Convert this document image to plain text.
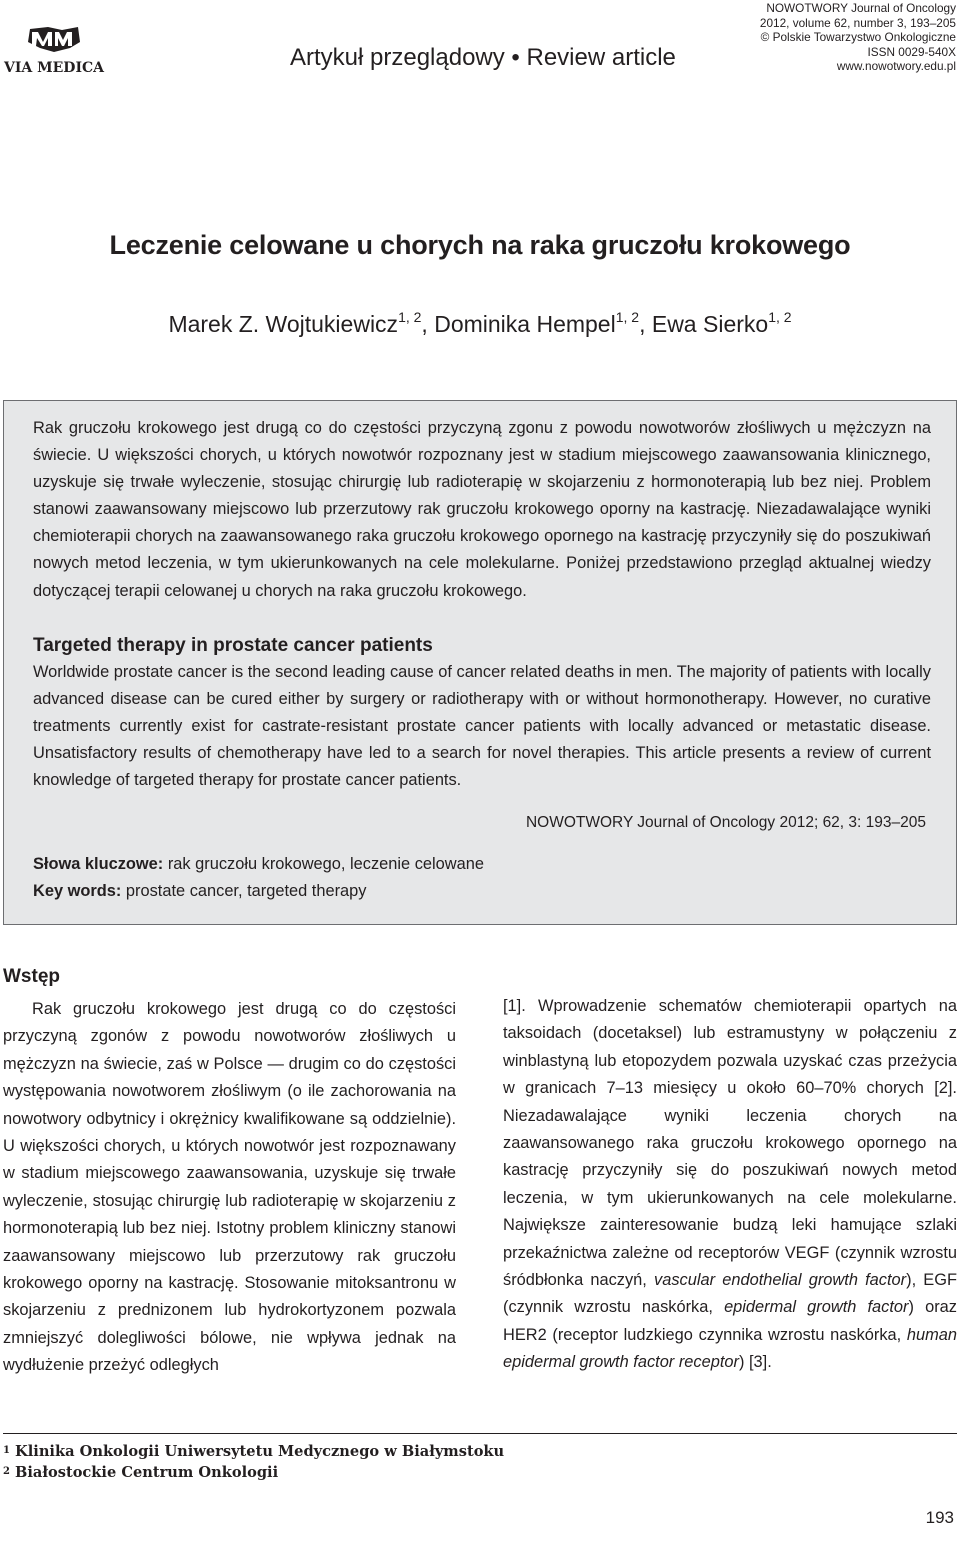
VIA MEDICA	Artykuł przeglądowy • Review article
NOWOTWORY Journal of Oncology
2012, volume 62, number 3, 193–205
© Polskie Towarzystwo Onkologiczne
ISSN 0029-540X
www.nowotwory.edu.pl
Leczenie celowane u chorych na raka gruczołu krokowego
Marek Z. Wojtukiewicz$^{1, 2}$, Dominika Hempel$^{1, 2}$, Ewa Sierko$^{1, 2}$

Rak gruczołu krokowego jest drugą co do częstości przyczyną zgonu z powodu nowotworów złośliwych u mężczyzn na świecie. U większości chorych, u których nowotwór rozpoznany jest w stadium miejscowego zaawansowania klinicznego, uzyskuje się trwałe wyleczenie, stosując chirurgię lub radioterapię w skojarzeniu z hormonoterapią lub bez niej. Problem stanowi zaawansowany miejscowo lub przerzutowy rak gruczołu krokowego oporny na kastrację. Niezadawalające wyniki chemioterapii chorych na zaawansowanego raka gruczołu krokowego opornego na kastrację przyczyniły się do poszukiwań nowych metod leczenia, w tym ukierunkowanych na cele molekularne. Poniżej przedstawiono przegląd aktualnej wiedzy dotyczącej terapii celowanej u chorych na raka gruczołu krokowego.

Targeted therapy in prostate cancer patients

Worldwide prostate cancer is the second leading cause of cancer related deaths in men. The majority of patients with locally advanced disease can be cured either by surgery or radiotherapy with or without hormonotherapy. However, no curative treatments currently exist for castrate-resistant prostate cancer patients with locally advanced or metastatic disease. Unsatisfactory results of chemotherapy have led to a search for novel therapies. This article presents a review of current knowledge of targeted therapy for prostate cancer patients.

NOWOTWORY Journal of Oncology 2012; 62, 3: 193–205
Słowa kluczowe: rak gruczołu krokowego, leczenie celowane
Key words: prostate cancer, targeted therapy
Wstęp

Rak gruczołu krokowego jest drugą co do częstości przyczyną zgonów z powodu nowotworów złośliwych u mężczyzn na świecie, zaś w Polsce — drugim co do częstości występowania nowotworem złośliwym (o ile zachorowania na nowotwory odbytnicy i okrężnicy kwalifikowane są oddzielnie). U większości chorych, u których nowotwór jest rozpoznawany w stadium miejscowego zaawansowania, uzyskuje się trwałe wyleczenie, stosując chirurgię lub radioterapię w skojarzeniu z hormonoterapią lub bez niej. Istotny problem kliniczny stanowi zaawansowany miejscowo lub przerzutowy rak gruczołu krokowego oporny na kastrację. Stosowanie mitoksantronu w skojarzeniu z prednizonem lub hydrokortyzonem pozwala zmniejszyć dolegliwości bólowe, nie wpływa jednak na wydłużenie przeżyć odległych

[1]. Wprowadzenie schematów chemioterapii opartych na taksoidach (docetaksel) lub estramustyny w połączeniu z winblastyną lub etopozydem pozwala uzyskać czas przeżycia w granicach 7–13 miesięcy u około 60–70% chorych [2]. Niezadawalające wyniki leczenia chorych na zaawansowanego raka gruczołu krokowego opornego na kastrację przyczyniły się do poszukiwań nowych metod leczenia, w tym ukierunkowanych na cele molekularne. Największe zainteresowanie budzą leki hamujące szlaki przekaźnictwa zależne od receptorów VEGF (czynnik wzrostu śródbłonka naczyń, vascular endothelial growth factor), EGF (czynnik wzrostu naskórka, epidermal growth factor) oraz HER2 (receptor ludzkiego czynnika wzrostu naskórka, human epidermal growth factor receptor) [3].

$^1$ Klinika Onkologii Uniwersytetu Medycznego w Białymstoku
$^2$ Białostockie Centrum Onkologii
193
